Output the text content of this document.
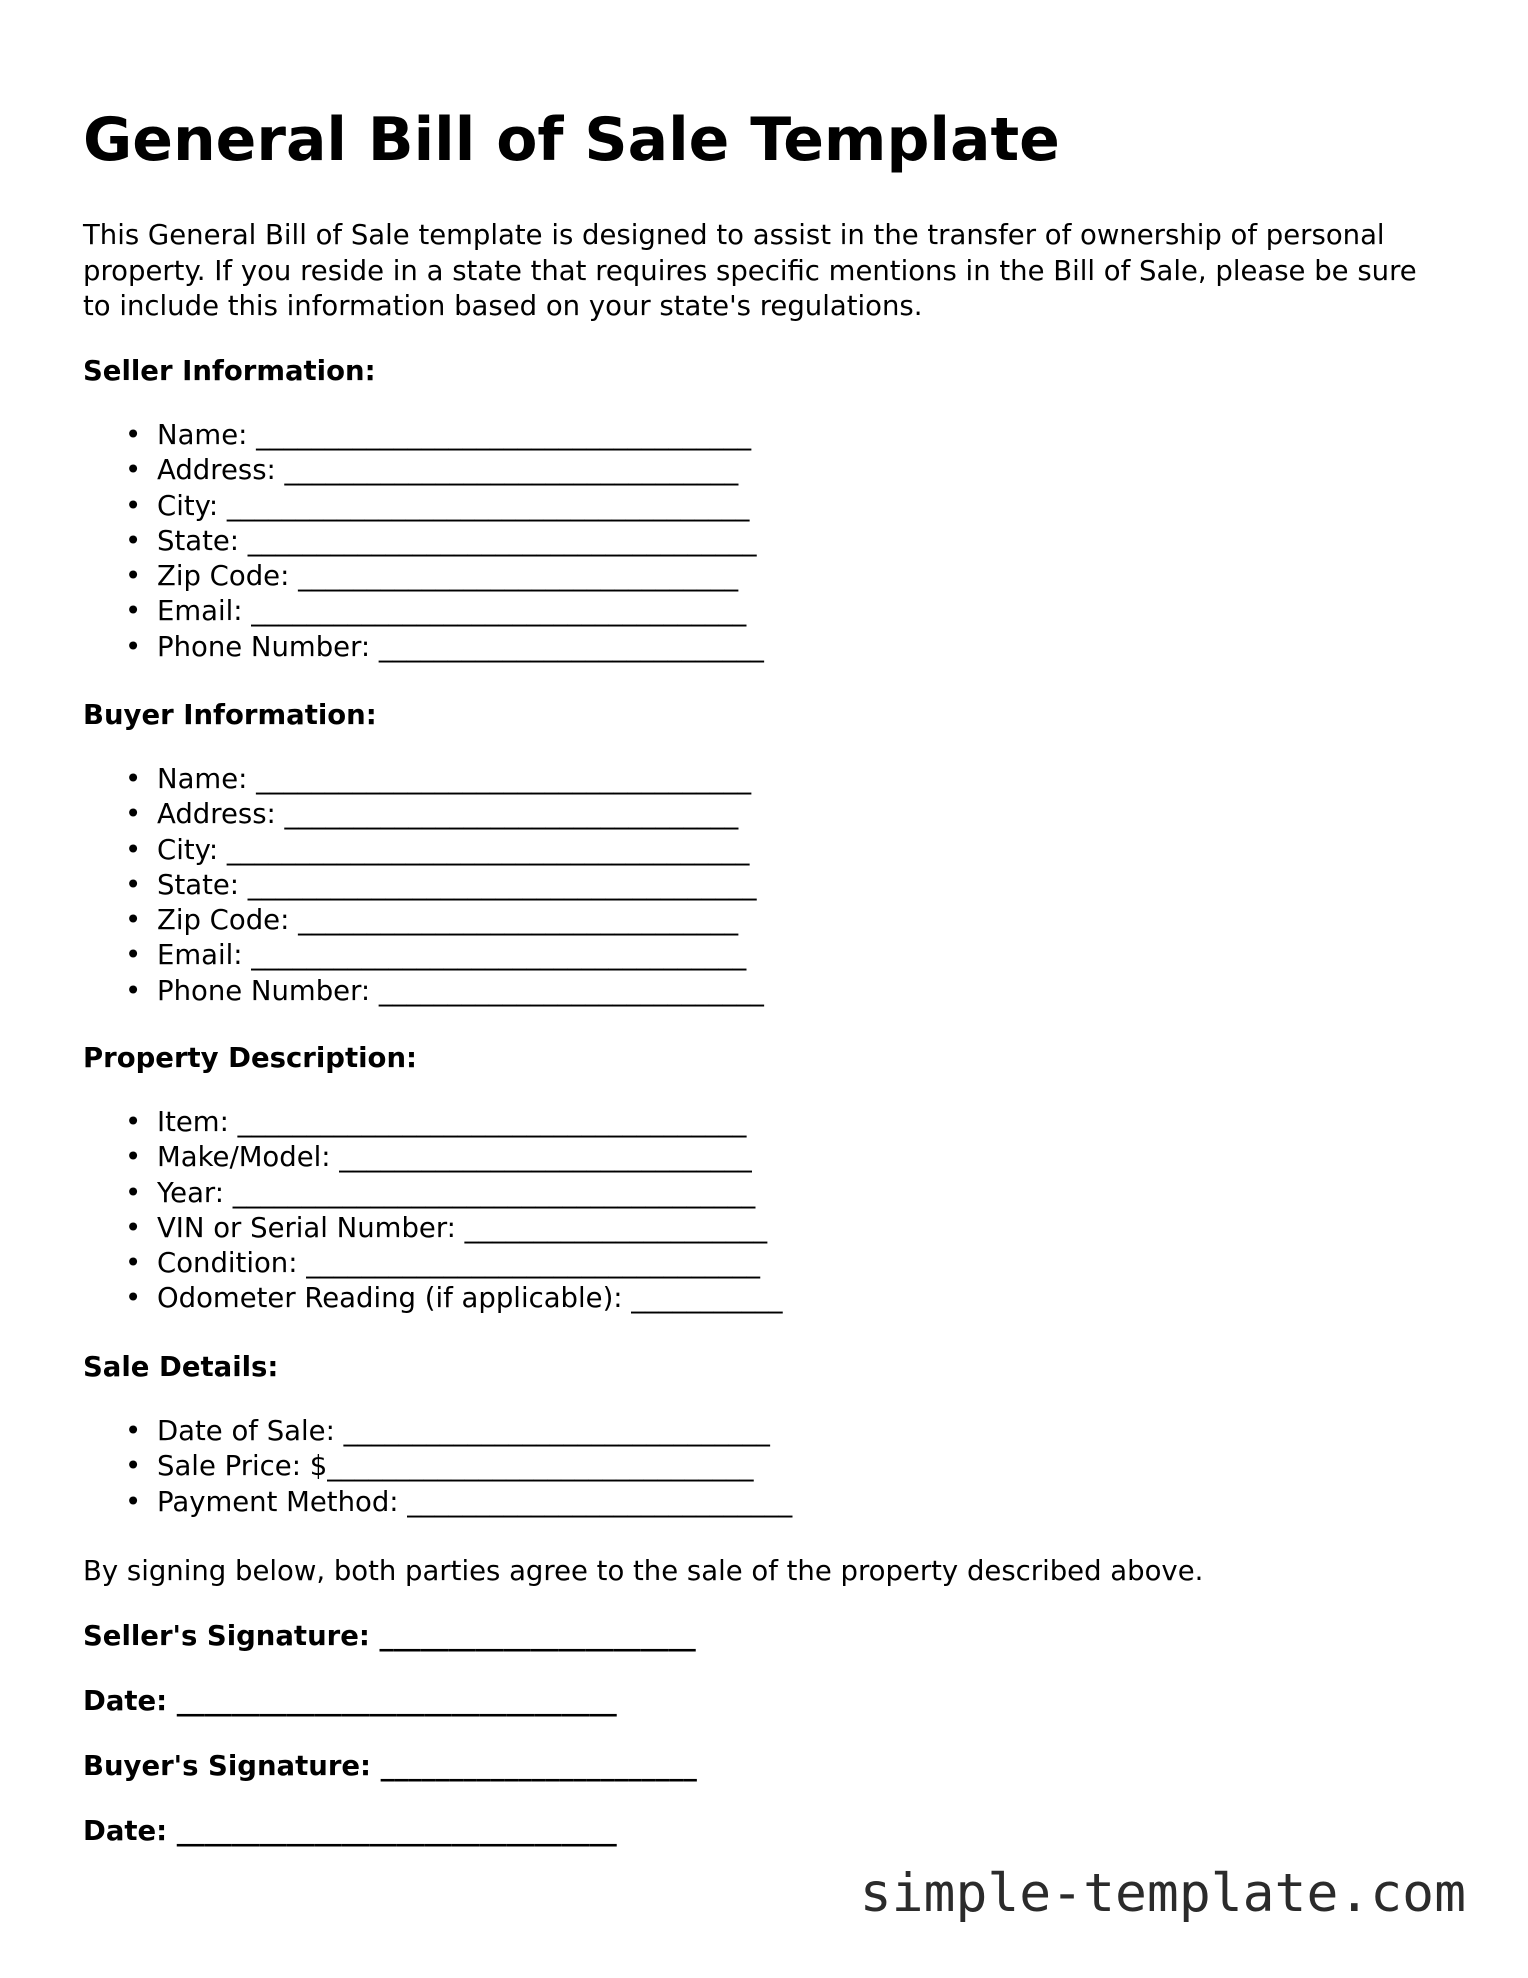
General Bill of Sale Template

This General Bill of Sale template is designed to assist in the transfer of ownership of personal property. If you reside in a state that requires specific mentions in the Bill of Sale, please be sure to include this information based on your state's regulations.

Seller Information:
• Name: ____________________________________
• Address: _________________________________
• City: ______________________________________
• State: _____________________________________
• Zip Code: ________________________________
• Email: ____________________________________
• Phone Number: ____________________________
Buyer Information:
• Name: ____________________________________
• Address: _________________________________
• City: ______________________________________
• State: _____________________________________
• Zip Code: ________________________________
• Email: ____________________________________
• Phone Number: ____________________________
Property Description:
• Item: _____________________________________
• Make/Model: ______________________________
• Year: ______________________________________
• VIN or Serial Number: ______________________
• Condition: _________________________________
• Odometer Reading (if applicable): ___________
Sale Details:
• Date of Sale: _______________________________
• Sale Price: $_______________________________
• Payment Method: ____________________________

By signing below, both parties agree to the sale of the property described above.

Seller's Signature: _______________________
Date: ________________________________
Buyer's Signature: _______________________
Date: ________________________________
simple-template.com
